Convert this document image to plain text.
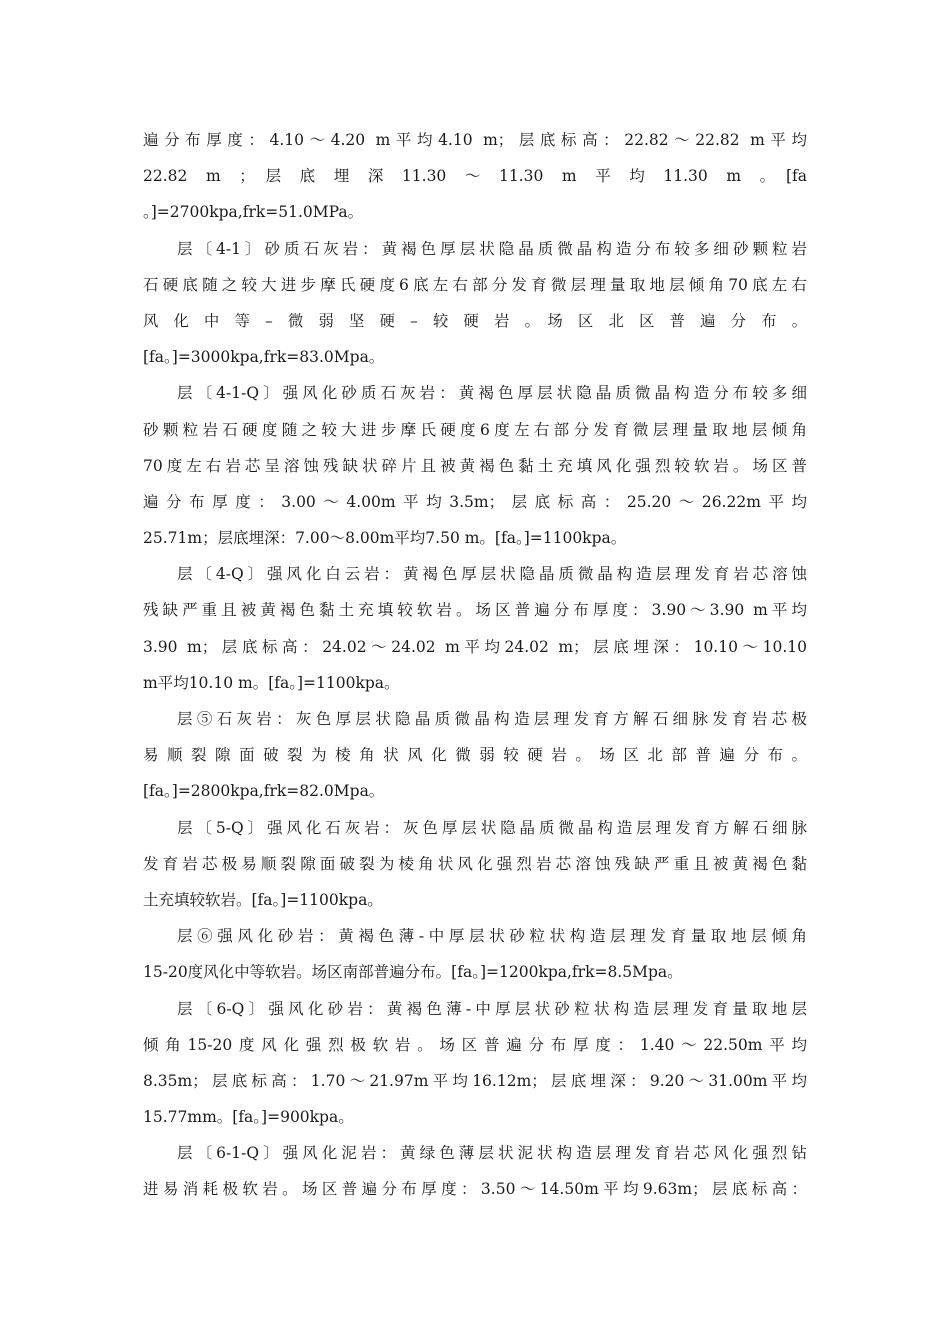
遍分布厚度：4.10～4.20 m平均4.10 m；层底标高：22.82～22.82 m平均
22.82　m　；　层　底　埋　深　11.30　～　11.30　m　平　均　11.30　m　。　[fa
。]=2700kpa,frk=51.0MPa。
层〔4-1〕砂质石灰岩：黄褐色厚层状隐晶质微晶构造分布较多细砂颗粒岩
石硬底随之较大进步摩氏硬度6底左右部分发育微层理量取地层倾角70底左右
风　化　中　等　–　微　弱　坚　硬　–　较　硬　岩　。　场　区　北　区　普　遍　分　布　。
[fa。]=3000kpa,frk=83.0Mpa。
层〔4-1-Q〕强风化砂质石灰岩：黄褐色厚层状隐晶质微晶构造分布较多细
砂颗粒岩石硬度随之较大进步摩氏硬度6度左右部分发育微层理量取地层倾角
70度左右岩芯呈溶蚀残缺状碎片且被黄褐色黏土充填风化强烈较软岩。场区普
遍分布厚度：3.00～4.00m平均3.5m；层底标高：25.20～26.22m平均
25.71m；层底埋深：7.00～8.00m平均7.50 m。[fa。]=1100kpa。
层〔4-Q〕强风化白云岩：黄褐色厚层状隐晶质微晶构造层理发育岩芯溶蚀
残缺严重且被黄褐色黏土充填较软岩。场区普遍分布厚度：3.90～3.90 m平均
3.90 m；层底标高：24.02～24.02 m平均24.02 m；层底埋深：10.10～10.10
m平均10.10 m。[fa。]=1100kpa。
层⑤石灰岩：灰色厚层状隐晶质微晶构造层理发育方解石细脉发育岩芯极
易顺裂隙面破裂为棱角状风化微弱较硬岩。场区北部普遍分布。
[fa。]=2800kpa,frk=82.0Mpa。
层〔5-Q〕强风化石灰岩：灰色厚层状隐晶质微晶构造层理发育方解石细脉
发育岩芯极易顺裂隙面破裂为棱角状风化强烈岩芯溶蚀残缺严重且被黄褐色黏
土充填较软岩。[fa。]=1100kpa。
层⑥强风化砂岩：黄褐色薄-中厚层状砂粒状构造层理发育量取地层倾角
15-20度风化中等软岩。场区南部普遍分布。[fa。]=1200kpa,frk=8.5Mpa。
层〔6-Q〕强风化砂岩：黄褐色薄-中厚层状砂粒状构造层理发育量取地层
倾角15-20度风化强烈极软岩。场区普遍分布厚度：1.40～22.50m平均
8.35m；层底标高：1.70～21.97m平均16.12m；层底埋深：9.20～31.00m平均
15.77mm。[fa。]=900kpa。
层〔6-1-Q〕强风化泥岩：黄绿色薄层状泥状构造层理发育岩芯风化强烈钻
进易消耗极软岩。场区普遍分布厚度：3.50～14.50m平均9.63m；层底标高：
